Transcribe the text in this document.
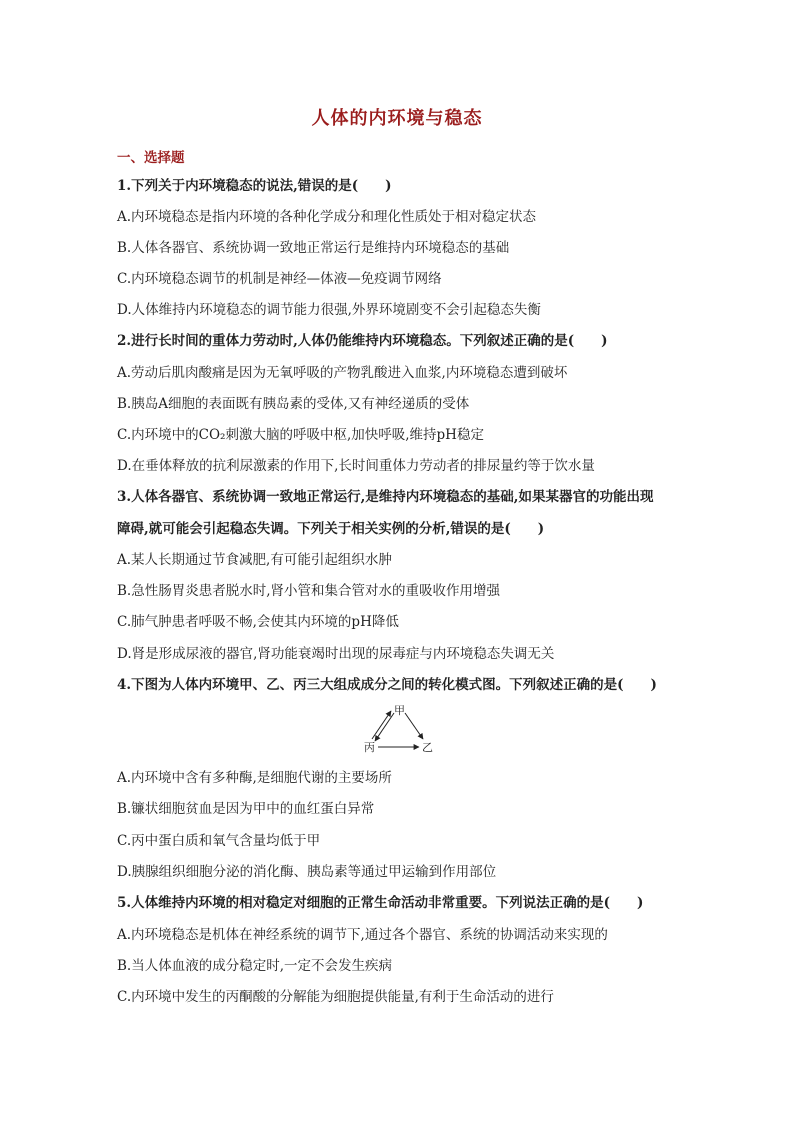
人体的内环境与稳态
一、选择题
1.下列关于内环境稳态的说法,错误的是(　　)
A.内环境稳态是指内环境的各种化学成分和理化性质处于相对稳定状态
B.人体各器官、系统协调一致地正常运行是维持内环境稳态的基础
C.内环境稳态调节的机制是神经—体液—免疫调节网络
D.人体维持内环境稳态的调节能力很强,外界环境剧变不会引起稳态失衡
2.进行长时间的重体力劳动时,人体仍能维持内环境稳态。下列叙述正确的是(　　)
A.劳动后肌肉酸痛是因为无氧呼吸的产物乳酸进入血浆,内环境稳态遭到破坏
B.胰岛A细胞的表面既有胰岛素的受体,又有神经递质的受体
C.内环境中的CO₂刺激大脑的呼吸中枢,加快呼吸,维持pH稳定
D.在垂体释放的抗利尿激素的作用下,长时间重体力劳动者的排尿量约等于饮水量
3.人体各器官、系统协调一致地正常运行,是维持内环境稳态的基础,如果某器官的功能出现
障碍,就可能会引起稳态失调。下列关于相关实例的分析,错误的是(　　)
A.某人长期通过节食减肥,有可能引起组织水肿
B.急性肠胃炎患者脱水时,肾小管和集合管对水的重吸收作用增强
C.肺气肿患者呼吸不畅,会使其内环境的pH降低
D.肾是形成尿液的器官,肾功能衰竭时出现的尿毒症与内环境稳态失调无关
4.下图为人体内环境甲、乙、丙三大组成成分之间的转化模式图。下列叙述正确的是(　　)
甲
丙	乙
A.内环境中含有多种酶,是细胞代谢的主要场所
B.镰状细胞贫血是因为甲中的血红蛋白异常
C.丙中蛋白质和氧气含量均低于甲
D.胰腺组织细胞分泌的消化酶、胰岛素等通过甲运输到作用部位
5.人体维持内环境的相对稳定对细胞的正常生命活动非常重要。下列说法正确的是(　　)
A.内环境稳态是机体在神经系统的调节下,通过各个器官、系统的协调活动来实现的
B.当人体血液的成分稳定时,一定不会发生疾病
C.内环境中发生的丙酮酸的分解能为细胞提供能量,有利于生命活动的进行
